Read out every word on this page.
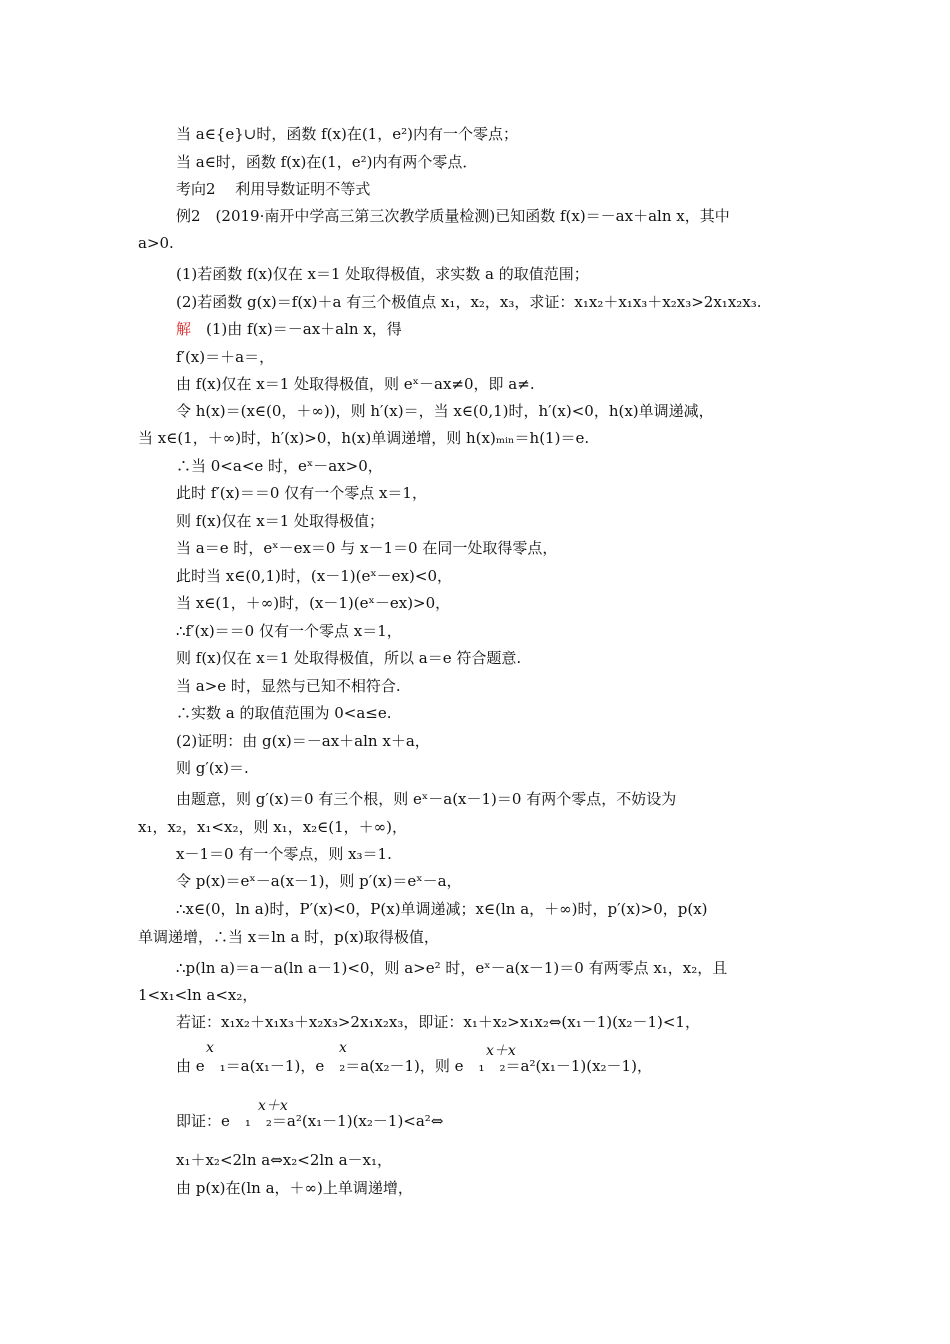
当 a∈{e}∪时，函数 f(x)在(1，e²)内有一个零点；
当 a∈时，函数 f(x)在(1，e²)内有两个零点．
考向2　 利用导数证明不等式
例2　(2019·南开中学高三第三次教学质量检测)已知函数 f(x)＝－ax＋aln x，其中
a>0.
(1)若函数 f(x)仅在 x＝1 处取得极值，求实数 a 的取值范围；
(2)若函数 g(x)＝f(x)＋a 有三个极值点 x₁，x₂，x₃，求证：x₁x₂＋x₁x₃＋x₂x₃>2x₁x₂x₃.
解　 (1)由 f(x)＝－ax＋aln x，得
f′(x)＝＋a＝，
由 f(x)仅在 x＝1 处取得极值，则 eˣ－ax≠0，即 a≠.
令 h(x)＝(x∈(0，＋∞))，则 h′(x)＝，当 x∈(0,1)时，h′(x)<0，h(x)单调递减，
当 x∈(1，＋∞)时，h′(x)>0，h(x)单调递增，则 h(x)ₘᵢₙ＝h(1)＝e.
∴当 0<a<e 时，eˣ－ax>0，
此时 f′(x)＝＝0 仅有一个零点 x＝1，
则 f(x)仅在 x＝1 处取得极值；
当 a＝e 时，eˣ－ex＝0 与 x－1＝0 在同一处取得零点，
此时当 x∈(0,1)时，(x－1)(eˣ－ex)<0，
当 x∈(1，＋∞)时，(x－1)(eˣ－ex)>0，
∴f′(x)＝＝0 仅有一个零点 x＝1，
则 f(x)仅在 x＝1 处取得极值，所以 a＝e 符合题意.
当 a>e 时，显然与已知不相符合.
∴实数 a 的取值范围为 0<a≤e.
(2)证明：由 g(x)＝－ax＋aln x＋a，
则 g′(x)＝.
由题意，则 g′(x)＝0 有三个根，则 eˣ－a(x－1)＝0 有两个零点，不妨设为
x₁，x₂，x₁<x₂，则 x₁，x₂∈(1，＋∞)，
x－1＝0 有一个零点，则 x₃＝1.
令 p(x)＝eˣ－a(x－1)，则 p′(x)＝eˣ－a，
∴x∈(0，ln a)时，P′(x)<0，P(x)单调递减；x∈(ln a，＋∞)时，p′(x)>0，p(x)
单调递增，∴当 x＝ln a 时，p(x)取得极值，
∴p(ln a)＝a－a(ln a－1)<0，则 a>e² 时，eˣ－a(x－1)＝0 有两零点 x₁，x₂，且
1<x₁<ln a<x₂，
若证：x₁x₂＋x₁x₃＋x₂x₃>2x₁x₂x₃，即证：x₁＋x₂>x₁x₂⇔(x₁－1)(x₂－1)<1，
x	x	x＋x
由 e　₁＝a(x₁－1)，e　₂＝a(x₂－1)，则 e　₁　₂＝a²(x₁－1)(x₂－1)，
x＋x
即证：e　₁　₂＝a²(x₁－1)(x₂－1)<a²⇔
x₁＋x₂<2ln a⇔x₂<2ln a－x₁，
由 p(x)在(ln a，＋∞)上单调递增，
